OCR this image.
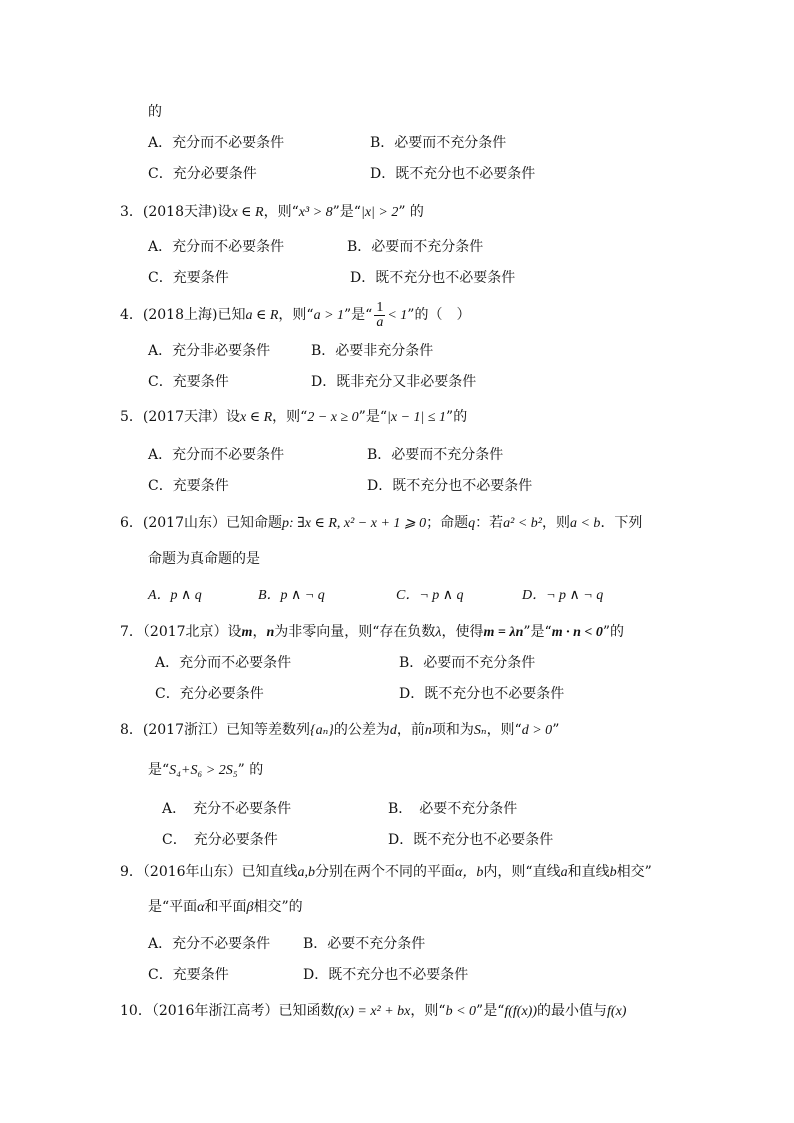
的
A．充分而不必要条件	B．必要而不充分条件
C．充分必要条件	D．既不充分也不必要条件
3．(2018天津)设x ∈ R，则“x³ > 8”是“|x| > 2” 的
A．充分而不必要条件	B．必要而不充分条件
C．充要条件	D．既不充分也不必要条件
4．(2018上海)已知a ∈ R，则“a > 1”是“ $\frac{1}{a} < 1$”的（　）
A．充分非必要条件	B．必要非充分条件
C．充要条件	D．既非充分又非必要条件
5．(2017天津）设x ∈ R，则“2 − x ≥ 0”是“|x − 1| ≤ 1”的
A．充分而不必要条件	B．必要而不充分条件
C．充要条件	D．既不充分也不必要条件
6．(2017山东）已知命题p: ∃x ∈ R, x² − x + 1 ⩾ 0；命题q：若a² < b²，则a < b．下列
命题为真命题的是
A．p ∧ q	B．p ∧ ¬ q	C．¬ p ∧ q	D．¬ p ∧ ¬ q
7．（2017北京）设m，n为非零向量，则“存在负数λ，使得m = λn”是“m · n < 0”的
A．充分而不必要条件	B．必要而不充分条件
C．充分必要条件	D．既不充分也不必要条件
8．(2017浙江）已知等差数列{aₙ}的公差为d，前n项和为Sₙ，则“d > 0”
是“S₄+S₆ > 2S₅” 的
A．　充分不必要条件	B．　必要不充分条件
C．　充分必要条件	D．既不充分也不必要条件
9．（2016年山东）已知直线a,b分别在两个不同的平面α，b内，则“直线a和直线b相交”
是“平面α和平面β相交”的
A．充分不必要条件 B．必要不充分条件
C．充要条件	D．既不充分也不必要条件
10．（2016年浙江高考）已知函数f(x) = x² + bx，则“b < 0”是“f(f(x))的最小值与f(x)
